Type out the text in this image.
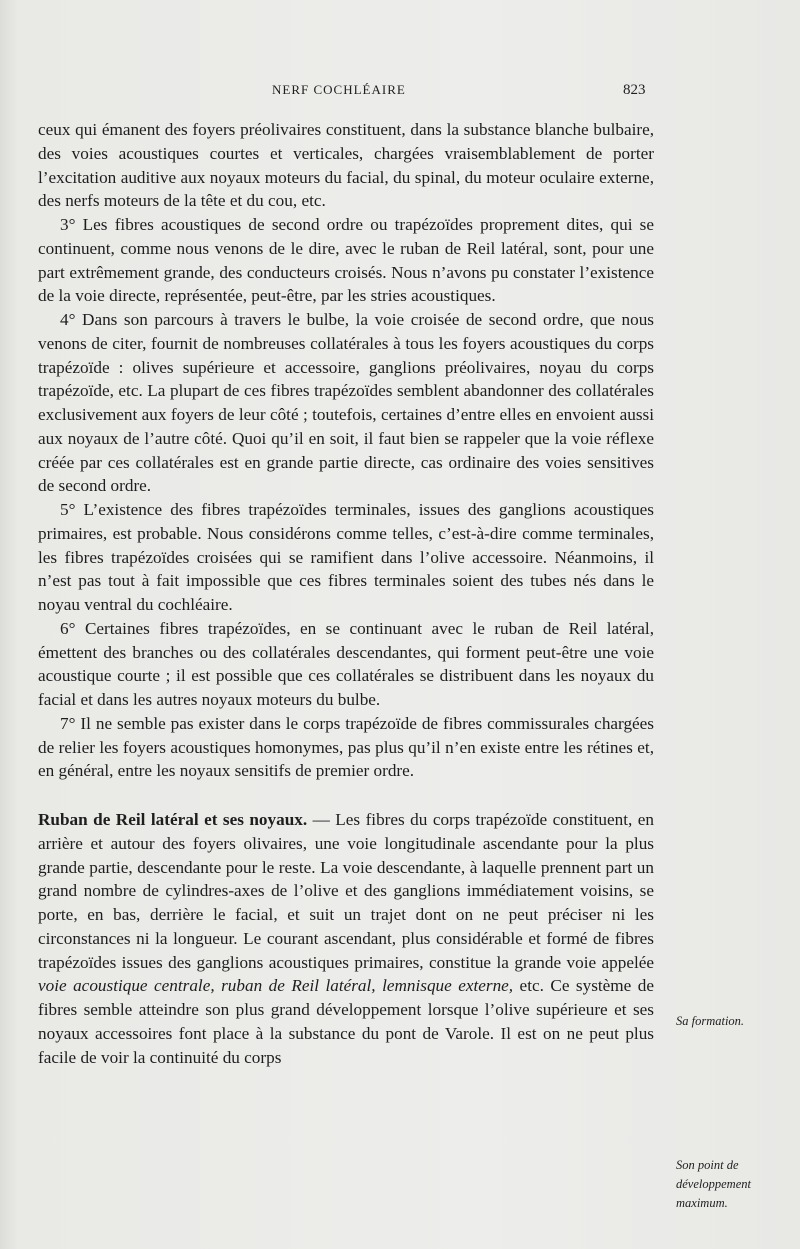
NERF COCHLÉAIRE	823

ceux qui émanent des foyers préolivaires constituent, dans la substance blanche bulbaire, des voies acoustiques courtes et verticales, chargées vraisemblablement de porter l’excitation auditive aux noyaux moteurs du facial, du spinal, du moteur oculaire externe, des nerfs moteurs de la tête et du cou, etc.

3° Les fibres acoustiques de second ordre ou trapézoïdes proprement dites, qui se continuent, comme nous venons de le dire, avec le ruban de Reil latéral, sont, pour une part extrêmement grande, des conducteurs croisés. Nous n’avons pu constater l’existence de la voie directe, représentée, peut-être, par les stries acoustiques.

4° Dans son parcours à travers le bulbe, la voie croisée de second ordre, que nous venons de citer, fournit de nombreuses collatérales à tous les foyers acoustiques du corps trapézoïde : olives supérieure et accessoire, ganglions préolivaires, noyau du corps trapézoïde, etc. La plupart de ces fibres trapézoïdes semblent abandonner des collatérales exclusivement aux foyers de leur côté ; toutefois, certaines d’entre elles en envoient aussi aux noyaux de l’autre côté. Quoi qu’il en soit, il faut bien se rappeler que la voie réflexe créée par ces collatérales est en grande partie directe, cas ordinaire des voies sensitives de second ordre.

5° L’existence des fibres trapézoïdes terminales, issues des ganglions acoustiques primaires, est probable. Nous considérons comme telles, c’est-à-dire comme terminales, les fibres trapézoïdes croisées qui se ramifient dans l’olive accessoire. Néanmoins, il n’est pas tout à fait impossible que ces fibres terminales soient des tubes nés dans le noyau ventral du cochléaire.

6° Certaines fibres trapézoïdes, en se continuant avec le ruban de Reil latéral, émettent des branches ou des collatérales descendantes, qui forment peut-être une voie acoustique courte ; il est possible que ces collatérales se distribuent dans les noyaux du facial et dans les autres noyaux moteurs du bulbe.

7° Il ne semble pas exister dans le corps trapézoïde de fibres commissurales chargées de relier les foyers acoustiques homonymes, pas plus qu’il n’en existe entre les rétines et, en général, entre les noyaux sensitifs de premier ordre.

Ruban de Reil latéral et ses noyaux. — Les fibres du corps trapézoïde constituent, en arrière et autour des foyers olivaires, une voie longitudinale ascendante pour la plus grande partie, descendante pour le reste. La voie descendante, à laquelle prennent part un grand nombre de cylindres-axes de l’olive et des ganglions immédiatement voisins, se porte, en bas, derrière le facial, et suit un trajet dont on ne peut préciser ni les circonstances ni la longueur. Le courant ascendant, plus considérable et formé de fibres trapézoïdes issues des ganglions acoustiques primaires, constitue la grande voie appelée voie acoustique centrale, ruban de Reil latéral, lemnisque externe, etc. Ce système de fibres semble atteindre son plus grand développement lorsque l’olive supérieure et ses noyaux accessoires font place à la substance du pont de Varole. Il est on ne peut plus facile de voir la continuité du corps

Sa formation.
Son point de développement maximum.
